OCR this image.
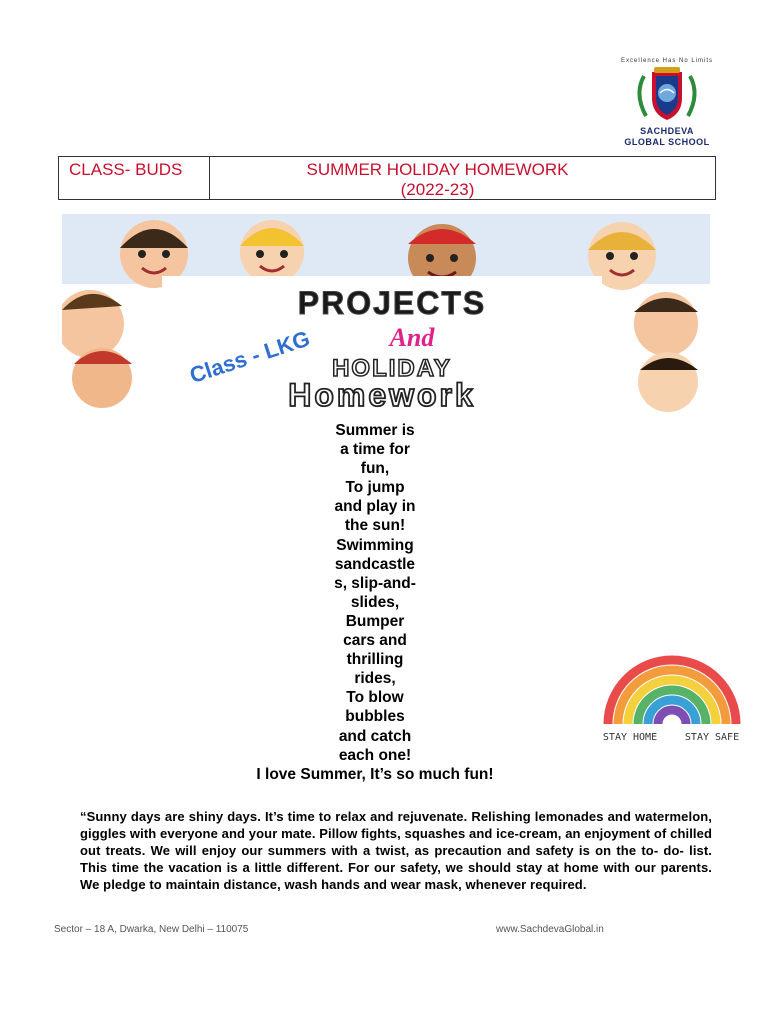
Excellence Has No Limits
SACHDEVA
GLOBAL SCHOOL
CLASS- BUDS	SUMMER HOLIDAY HOMEWORK
(2022-23)
PROJECTS
And
Class - LKG HOLIDAY
Homework
Summer is
a time for
fun,
To jump
and play in
the sun!
Swimming
sandcastle
s, slip-and-
slides,
Bumper
cars and
thrilling
rides,
To blow
bubbles
and catch
each one!
I love Summer, It’s so much fun!
STAY HOME	STAY SAFE
“Sunny days are shiny days. It’s time to relax and rejuvenate. Relishing lemonades and watermelon, giggles with everyone and your mate. Pillow fights, squashes and ice-cream, an enjoyment of chilled out treats. We will enjoy our summers with a twist, as precaution and safety is on the to- do- list. This time the vacation is a little different. For our safety, we should stay at home with our parents. We pledge to maintain distance, wash hands and wear mask, whenever required.
Sector – 18 A, Dwarka, New Delhi – 110075	www.SachdevaGlobal.in
